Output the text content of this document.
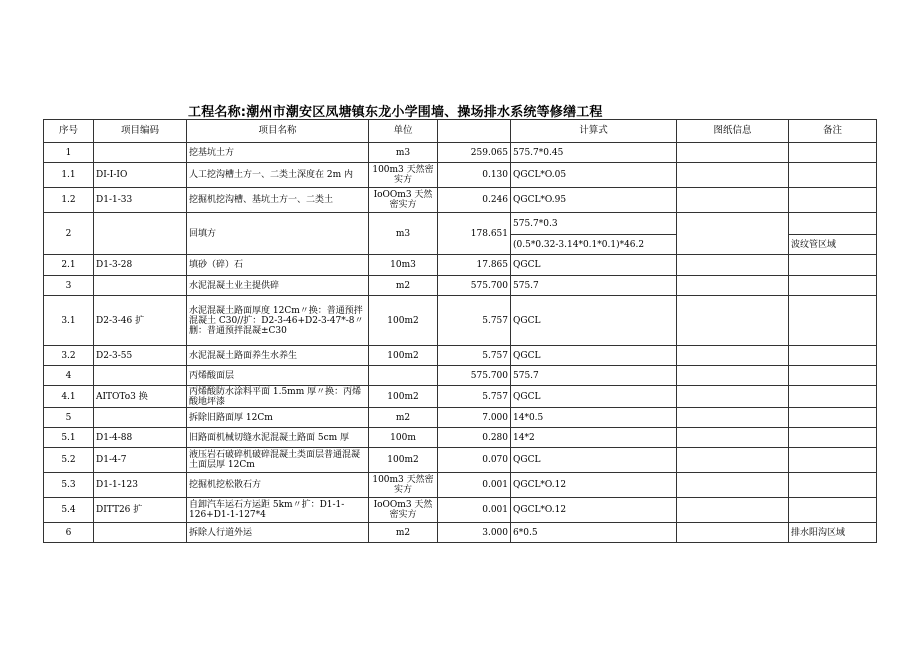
工程名称:潮州市潮安区凤塘镇东龙小学围墙、操场排水系统等修缮工程
序号	项目编码	项目名称	单位		计算式	图纸信息	备注
1		挖基坑土方	m3	259.065	575.7*0.45		
1.1	DI-I-IO	人工挖沟槽土方一、二类土深度在 2m 内	100m3 天然密实方	0.130	QGCL*O.05		
1.2	D1-1-33	挖掘机挖沟槽、基坑土方一、二类土	IoOOm3 天然密实方	0.246	QGCL*O.95		
2		回填方	m3	178.651	575.7*0.3		
					(0.5*0.32-3.14*0.1*0.1)*46.2		波纹管区域
2.1	D1-3-28	填砂（碎）石	10m3	17.865	QGCL		
3		水泥混凝土业主提供碎	m2	575.700	575.7		
3.1	D2-3-46 扩	水泥混凝土路面厚度 12Cm〃换：普通预拌混凝土 C30//扩：D2-3-46+D2-3-47*-8〃删：普通预拌混凝±C30	100m2	5.757	QGCL		
3.2	D2-3-55	水泥混凝土路面养生水养生	100m2	5.757	QGCL		
4		丙烯酸面层		575.700	575.7		
4.1	AITOTo3 换	丙烯酸防水涂料平面 1.5mm 厚〃换：丙烯酸地坪漆	100m2	5.757	QGCL		
5		拆除旧路面厚 12Cm	m2	7.000	14*0.5		
5.1	D1-4-88	旧路面机械切缝水泥混凝土路面 5cm 厚	100m	0.280	14*2		
5.2	D1-4-7	液压岩石破碎机破碎混凝土类面层普通混凝土面层厚 12Cm	100m2	0.070	QGCL		
5.3	D1-1-123	挖掘机挖松散石方	100m3 天然密实方	0.001	QGCL*O.12		
5.4	DITT26 扩	自卸汽车运石方运距 5km〃扩：D1-1-126+D1-1-127*4	IoOOm3 天然密实方	0.001	QGCL*O.12		
6		拆除人行道外运	m2	3.000	6*0.5		排水阳沟区域
